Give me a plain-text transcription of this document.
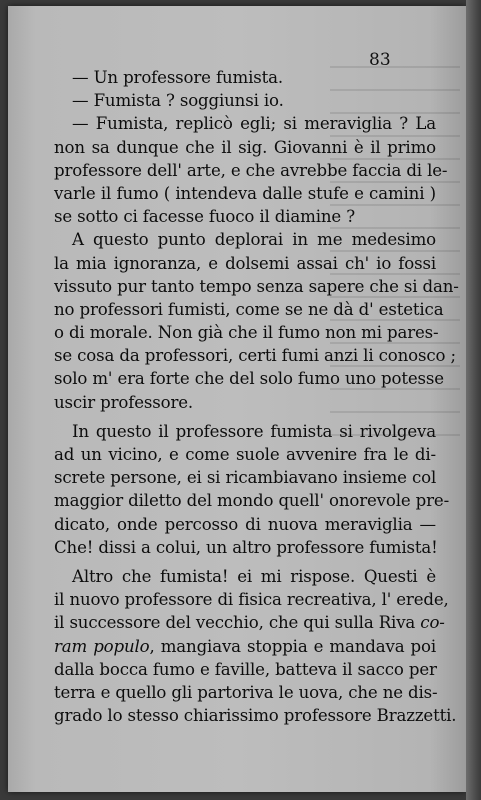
83
— Un professore fumista.
— Fumista ? soggiunsi io.
— Fumista, replicò egli; si meraviglia ? La
non sa dunque che il sig. Giovanni è il primo
professore dell' arte, e che avrebbe faccia di le-
varle il fumo ( intendeva dalle stufe e camini )
se sotto ci facesse fuoco il diamine ?
A questo punto deplorai in me medesimo
la mia ignoranza, e dolsemi assai ch' io fossi
vissuto pur tanto tempo senza sapere che si dan-
no professori fumisti, come se ne dà d' estetica
o di morale. Non già che il fumo non mi pares-
se cosa da professori, certi fumi anzi li conosco ;
solo m' era forte che del solo fumo uno potesse
uscir professore.
In questo il professore fumista si rivolgeva
ad un vicino, e come suole avvenire fra le di-
screte persone, ei si ricambiavano insieme col
maggior diletto del mondo quell' onorevole pre-
dicato, onde percosso di nuova meraviglia —
Che! dissi a colui, un altro professore fumista!
Altro che fumista! ei mi rispose. Questi è
il nuovo professore di fisica recreativa, l' erede,
il successore del vecchio, che qui sulla Riva co-
ram populo, mangiava stoppia e mandava poi
dalla bocca fumo e faville, batteva il sacco per
terra e quello gli partoriva le uova, che ne dis-
grado lo stesso chiarissimo professore Brazzetti.
